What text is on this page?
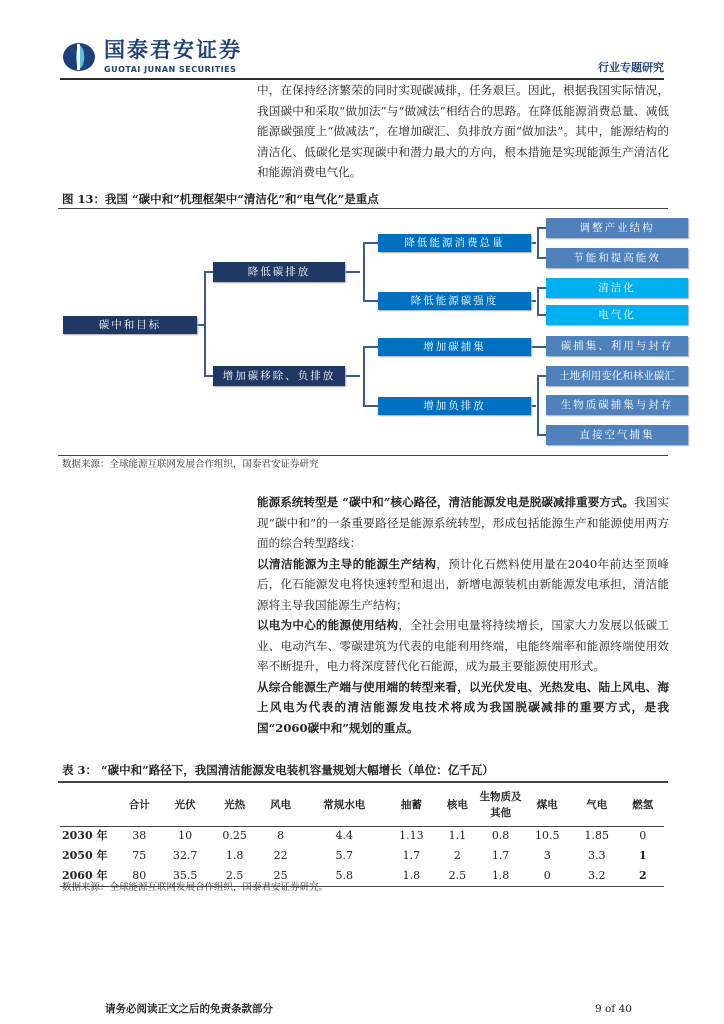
国泰君安证券
GUOTAI JUNAN SECURITIES	行业专题研究
中，在保持经济繁荣的同时实现碳减排，任务艰巨。因此，根据我国实际情况，我国碳中和采取“做加法”与“做减法”相结合的思路。在降低能源消费总量、减低能源碳强度上“做减法”，在增加碳汇、负排放方面“做加法”。其中，能源结构的清洁化、低碳化是实现碳中和潜力最大的方向，根本措施是实现能源生产清洁化和能源消费电气化。
图 13：我国 “碳中和”机理框架中“清洁化”和“电气化”是重点
碳中和目标
降低碳排放
增加碳移除、负排放
降低能源消费总量
降低能源碳强度
增加碳捕集
增加负排放
调整产业结构
节能和提高能效
清洁化
电气化
碳捕集、利用与封存
土地利用变化和林业碳汇
生物质碳捕集与封存
直接空气捕集
数据来源：全球能源互联网发展合作组织，国泰君安证券研究
能源系统转型是 “碳中和”核心路径，清洁能源发电是脱碳减排重要方式。我国实现“碳中和”的一条重要路径是能源系统转型，形成包括能源生产和能源使用两方面的综合转型路线：
以清洁能源为主导的能源生产结构，预计化石燃料使用量在2040年前达至顶峰后，化石能源发电将快速转型和退出，新增电源装机由新能源发电承担，清洁能源将主导我国能源生产结构；
以电为中心的能源使用结构，全社会用电量将持续增长，国家大力发展以低碳工业、电动汽车、零碳建筑为代表的电能利用终端，电能终端率和能源终端使用效率不断提升，电力将深度替代化石能源，成为最主要能源使用形式。
从综合能源生产端与使用端的转型来看，以光伏发电、光热发电、陆上风电、海上风电为代表的清洁能源发电技术将成为我国脱碳减排的重要方式，是我国“2060碳中和”规划的重点。
表 3： “碳中和”路径下，我国清洁能源发电装机容量规划大幅增长（单位：亿千瓦）
	合计	光伏	光热	风电	常规水电	抽蓄	核电	生物质及其他	煤电	气电	燃氢
2030 年	38	10	0.25	8	4.4	1.13	1.1	0.8	10.5	1.85	0
2050 年	75	32.7	1.8	22	5.7	1.7	2	1.7	3	3.3	1
2060 年	80	35.5	2.5	25	5.8	1.8	2.5	1.8	0	3.2	2
数据来源：全球能源互联网发展合作组织，国泰君安证券研究。
请务必阅读正文之后的免责条款部分	9 of 40
